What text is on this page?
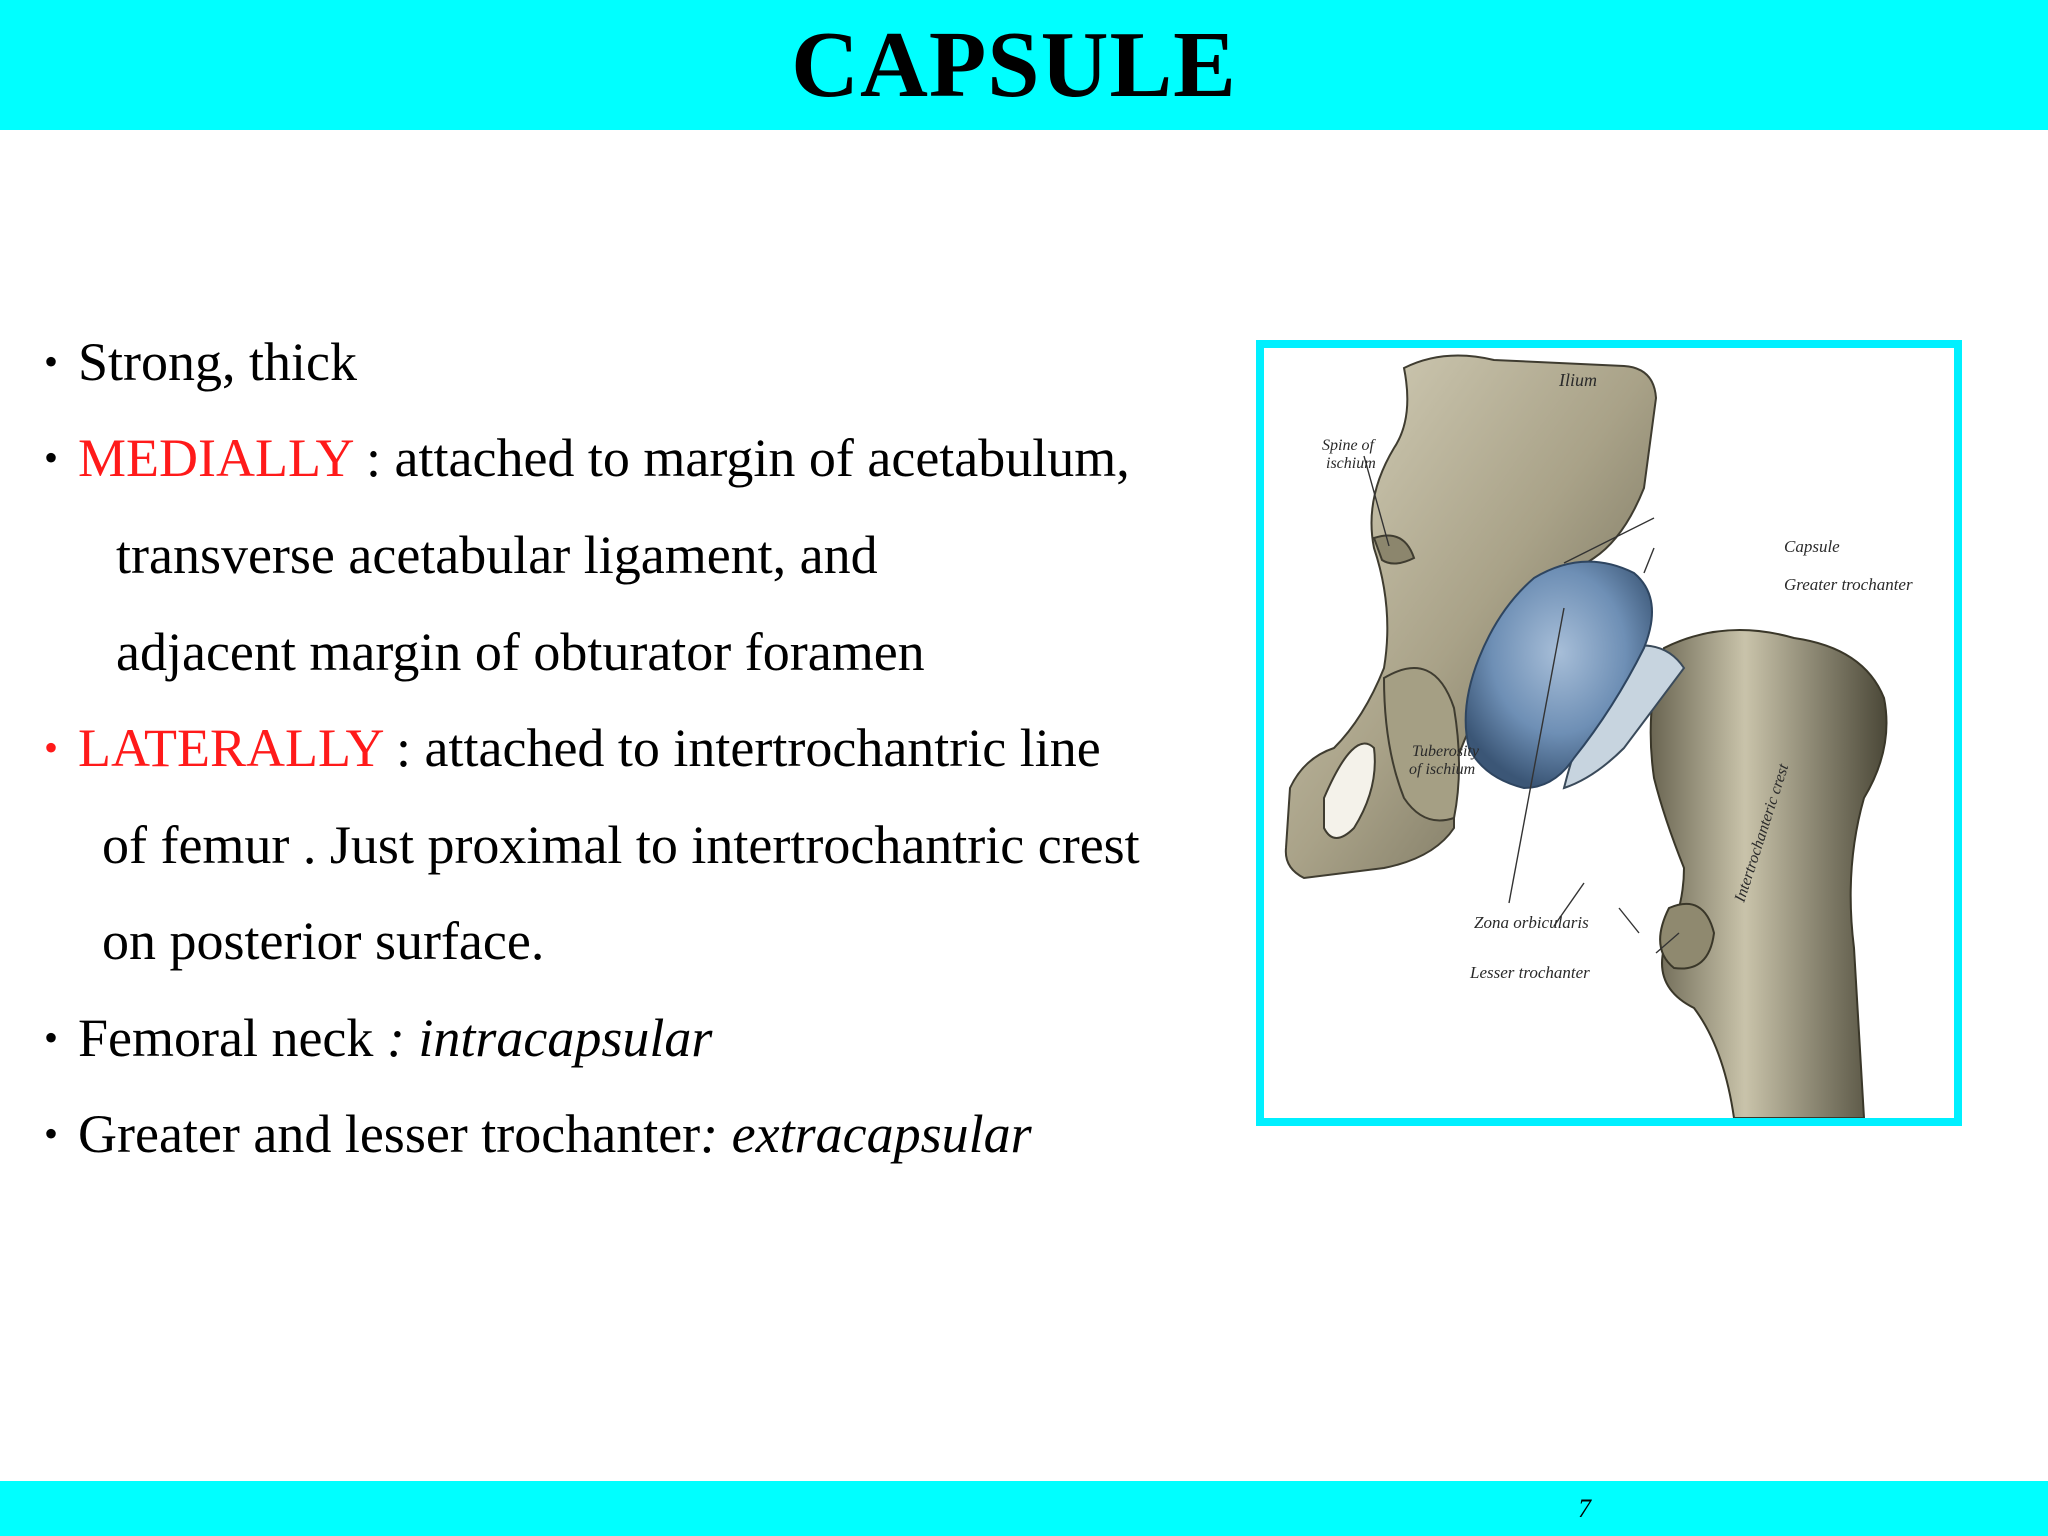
CAPSULE
• Strong, thick
• MEDIALLY : attached to margin of acetabulum,
transverse acetabular ligament, and
adjacent margin of obturator foramen
• LATERALLY : attached to intertrochantric line
of femur . Just proximal to intertrochantric crest
on posterior surface.
• Femoral neck : intracapsular
• Greater and lesser trochanter: extracapsular
Ilium
Spine of
ischium
Capsule
Greater trochanter
Tuberosity
of ischium	Intertrochanteric crest
Zona orbicularis
Lesser trochanter
7
